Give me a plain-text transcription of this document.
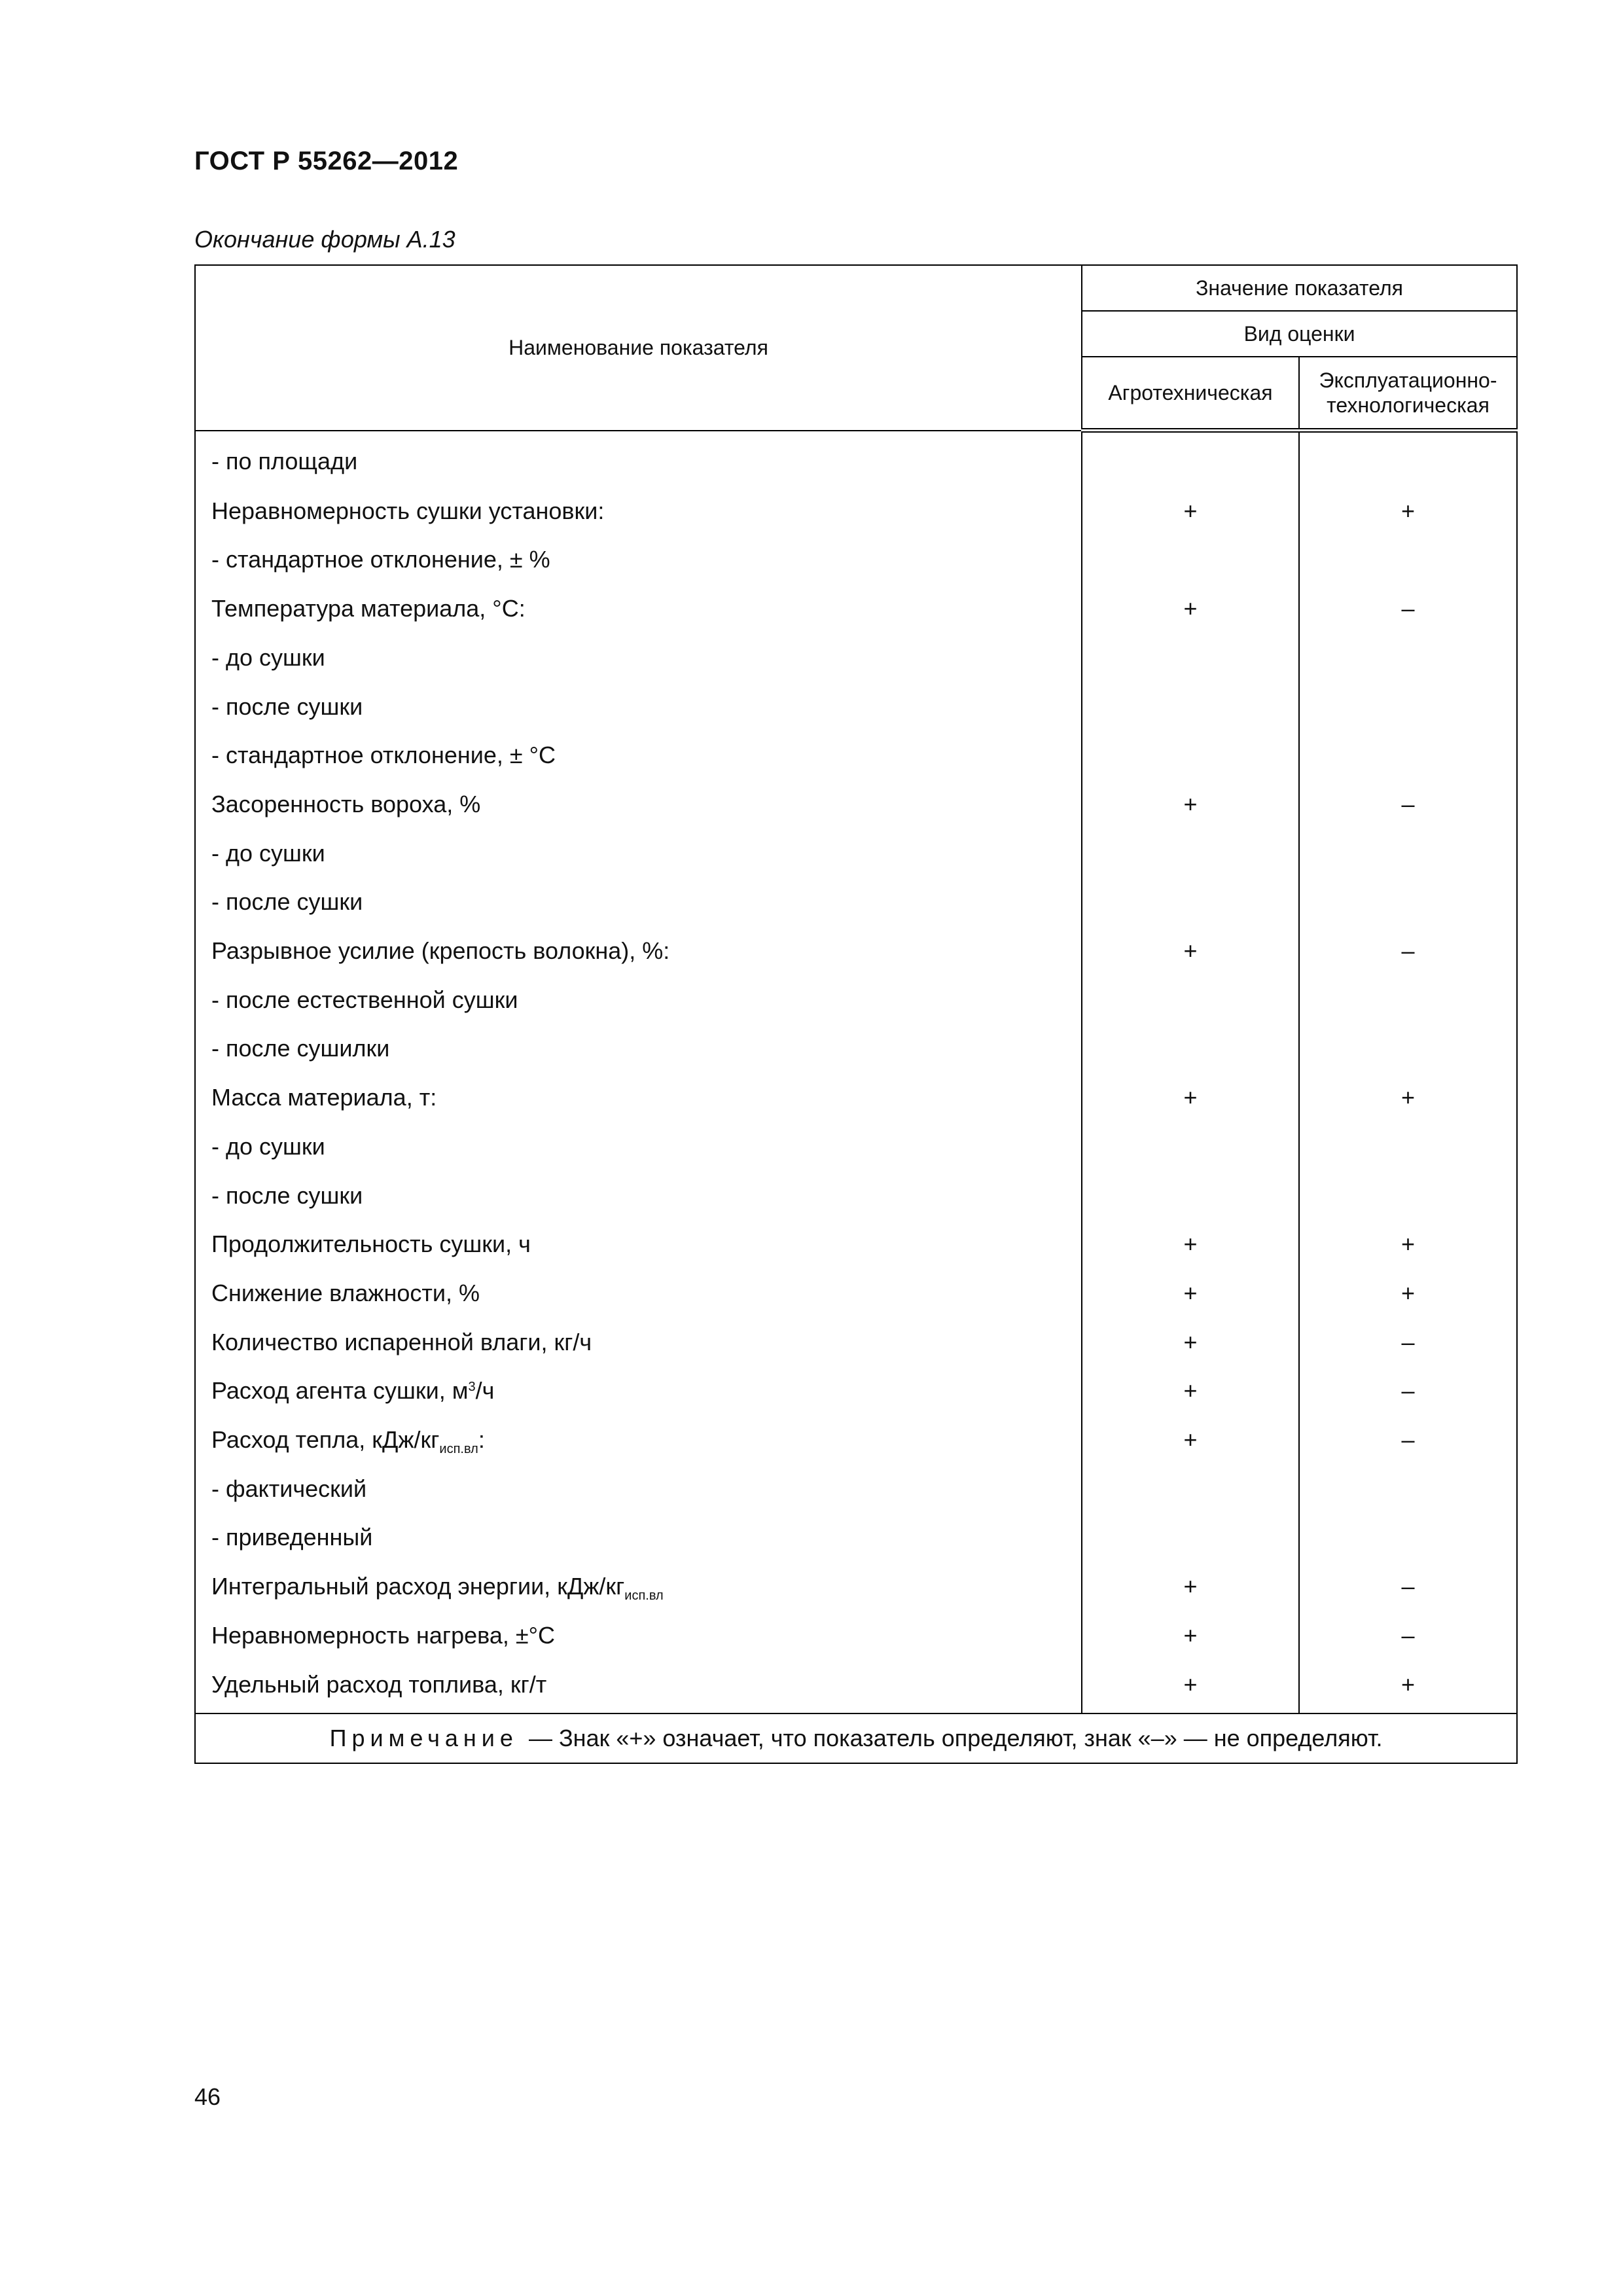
ГОСТ Р 55262—2012
Окончание формы А.13
Наименование показателя	Значение показателя	
	Вид оценки	
	Агротехническая	Эксплуатационно-технологическая
- по площади		
Неравномерность сушки установки:	+	+
- стандартное отклонение, ± %		
Температура материала, °С:	+	–
- до сушки		
- после сушки		
- стандартное отклонение, ± °С		
Засоренность вороха, %	+	–
- до сушки		
- после сушки		
Разрывное усилие (крепость волокна), %:	+	–
- после естественной сушки		
- после сушилки		
Масса материала, т:	+	+
- до сушки		
- после сушки		
Продолжительность сушки, ч	+	+
Снижение влажности, %	+	+
Количество испаренной влаги, кг/ч	+	–
Расход агента сушки, $м^3/ч$	+	–
Расход тепла, кДж/$кг_{исп.вл}$:	+	–
- фактический		
- приведенный		
Интегральный расход энергии, кДж/$кг_{исп.вл}$	+	–
Неравномерность нагрева, ±°С	+	–
Удельный расход топлива, кг/т	+	+
Примечание — Знак «+» означает, что показатель определяют, знак «–» — не определяют.		
46
